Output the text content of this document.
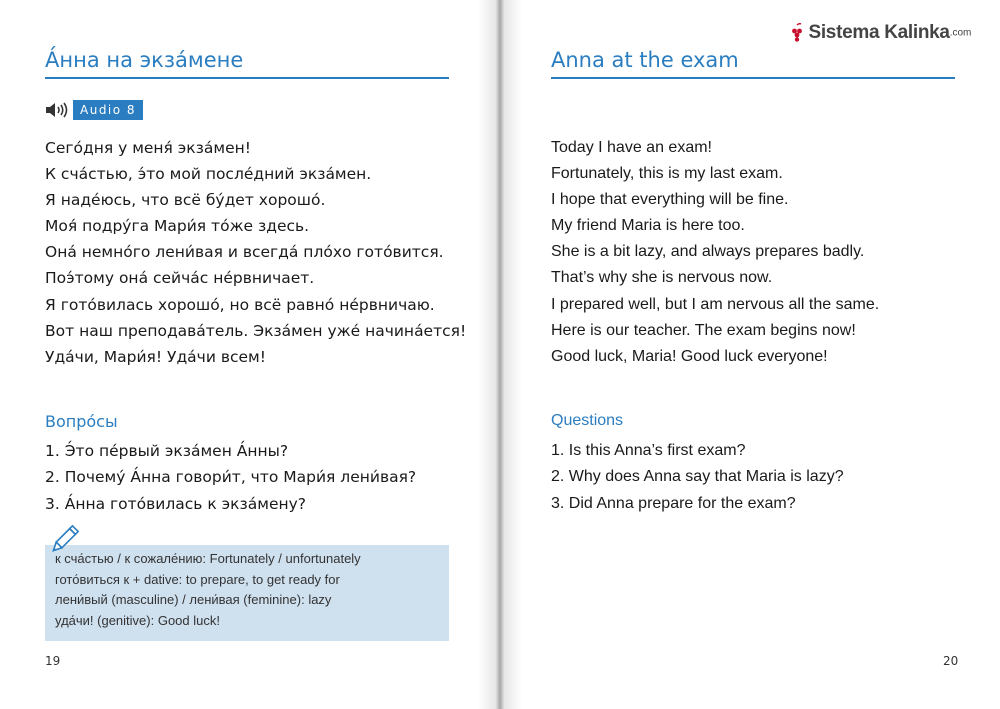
А́нна на экза́мене
Audio 8
Сего́дня у меня́ экза́мен!
К сча́стью, э́то мой после́дний экза́мен.
Я наде́юсь, что всё бу́дет хорошо́.
Моя́ подру́га Мари́я то́же здесь.
Она́ немно́го лени́вая и всегда́ пло́хо гото́вится.
Поэ́тому она́ сейча́с не́рвничает.
Я гото́вилась хорошо́, но всё равно́ не́рвничаю.
Вот наш преподава́тель. Экза́мен уже́ начина́ется!
Уда́чи, Мари́я! Уда́чи всем!
Вопро́сы
1. Э́то пе́рвый экза́мен А́нны?
2. Почему́ А́нна говори́т, что Мари́я лени́вая?
3. А́нна гото́вилась к экза́мену?
к сча́стью / к сожале́нию: Fortunately / unfortunately
гото́виться к + dative: to prepare, to get ready for
лени́вый (masculine) / лени́вая (feminine): lazy
уда́чи! (genitive): Good luck!
19
Sistema Kalinka.com
Anna at the exam
Today I have an exam!
Fortunately, this is my last exam.
I hope that everything will be fine.
My friend Maria is here too.
She is a bit lazy, and always prepares badly.
That’s why she is nervous now.
I prepared well, but I am nervous all the same.
Here is our teacher. The exam begins now!
Good luck, Maria! Good luck everyone!
Questions
1. Is this Anna’s first exam?
2. Why does Anna say that Maria is lazy?
3. Did Anna prepare for the exam?
20
